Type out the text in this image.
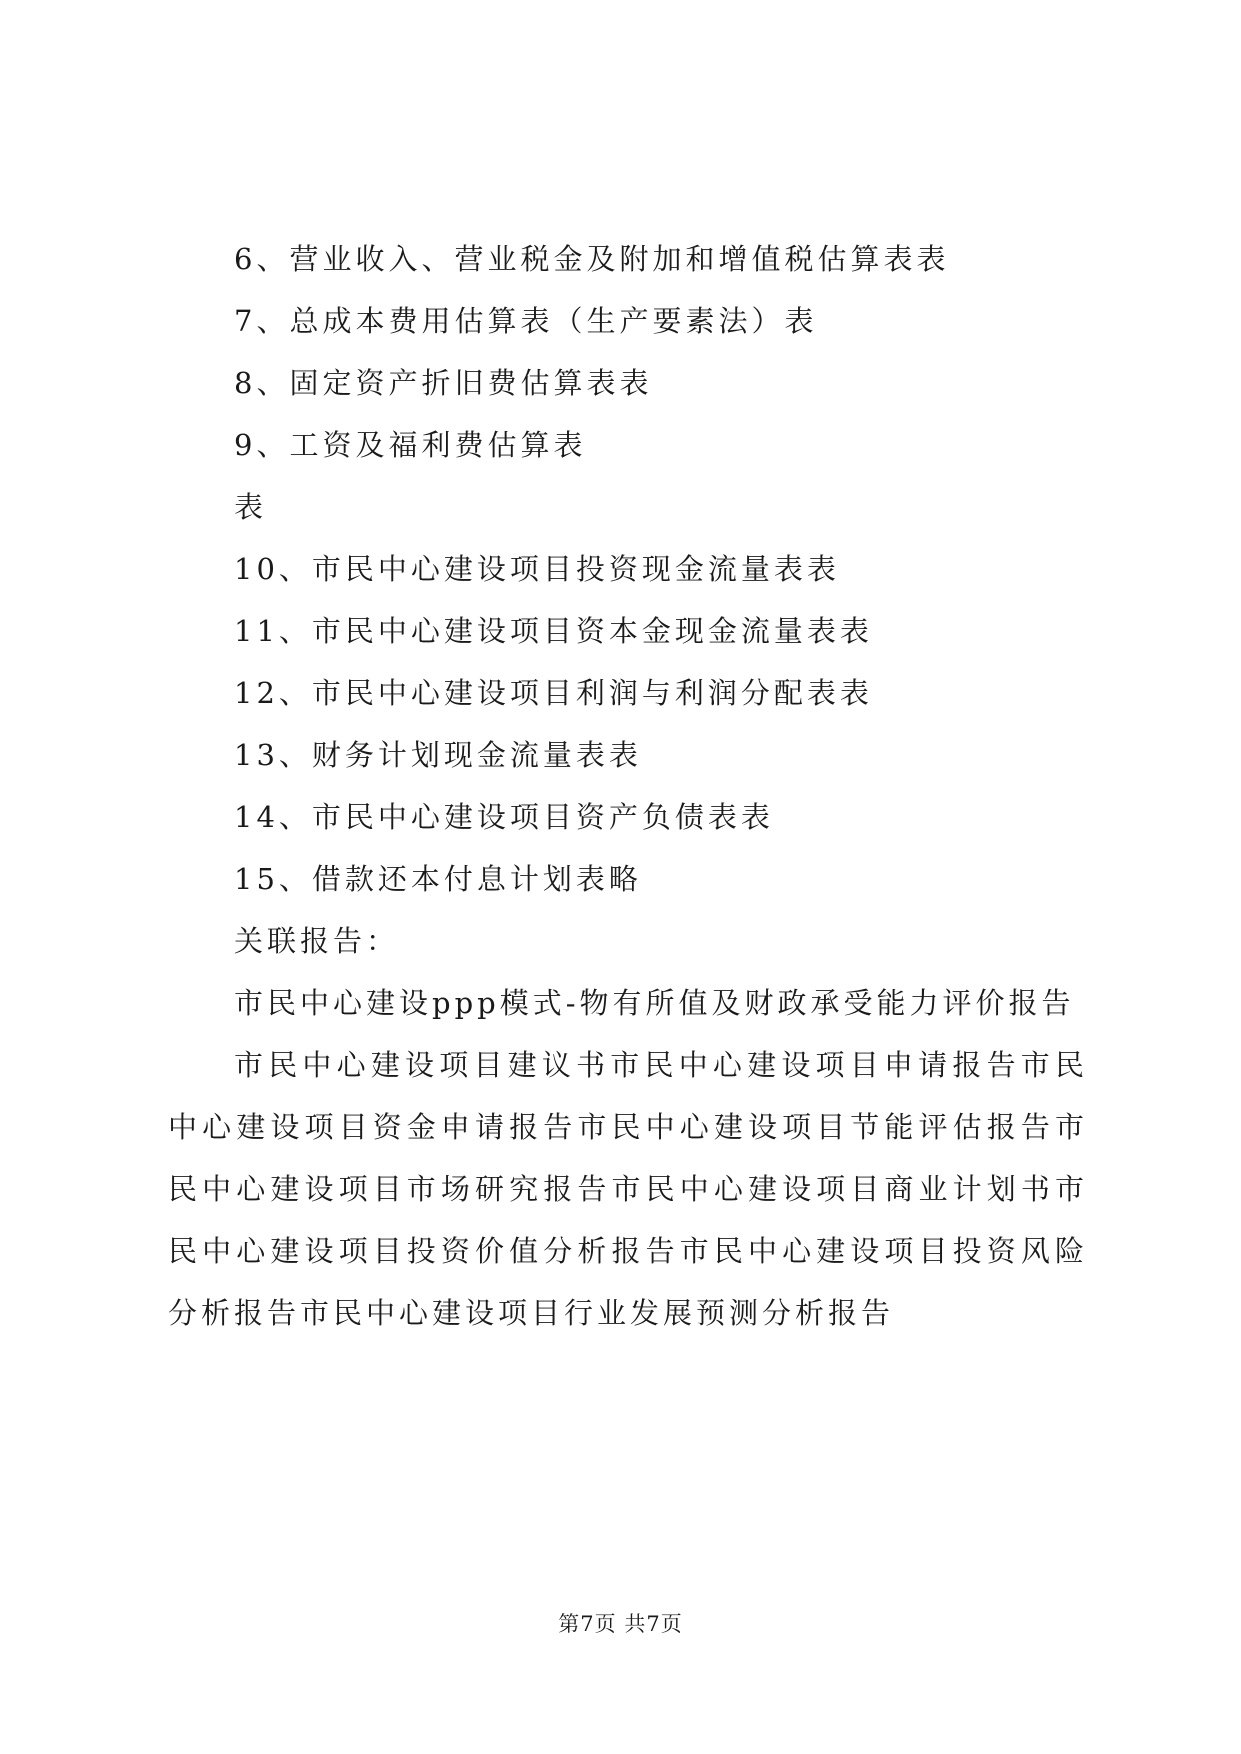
6、营业收入、营业税金及附加和增值税估算表表
7、总成本费用估算表（生产要素法）表
8、固定资产折旧费估算表表
9、工资及福利费估算表
表
10、市民中心建设项目投资现金流量表表
11、市民中心建设项目资本金现金流量表表
12、市民中心建设项目利润与利润分配表表
13、财务计划现金流量表表
14、市民中心建设项目资产负债表表
15、借款还本付息计划表略
关联报告：
市民中心建设ppp模式-物有所值及财政承受能力评价报告

市民中心建设项目建议书市民中心建设项目申请报告市民中心建设项目资金申请报告市民中心建设项目节能评估报告市民中心建设项目市场研究报告市民中心建设项目商业计划书市民中心建设项目投资价值分析报告市民中心建设项目投资风险分析报告市民中心建设项目行业发展预测分析报告

第7页 共7页
